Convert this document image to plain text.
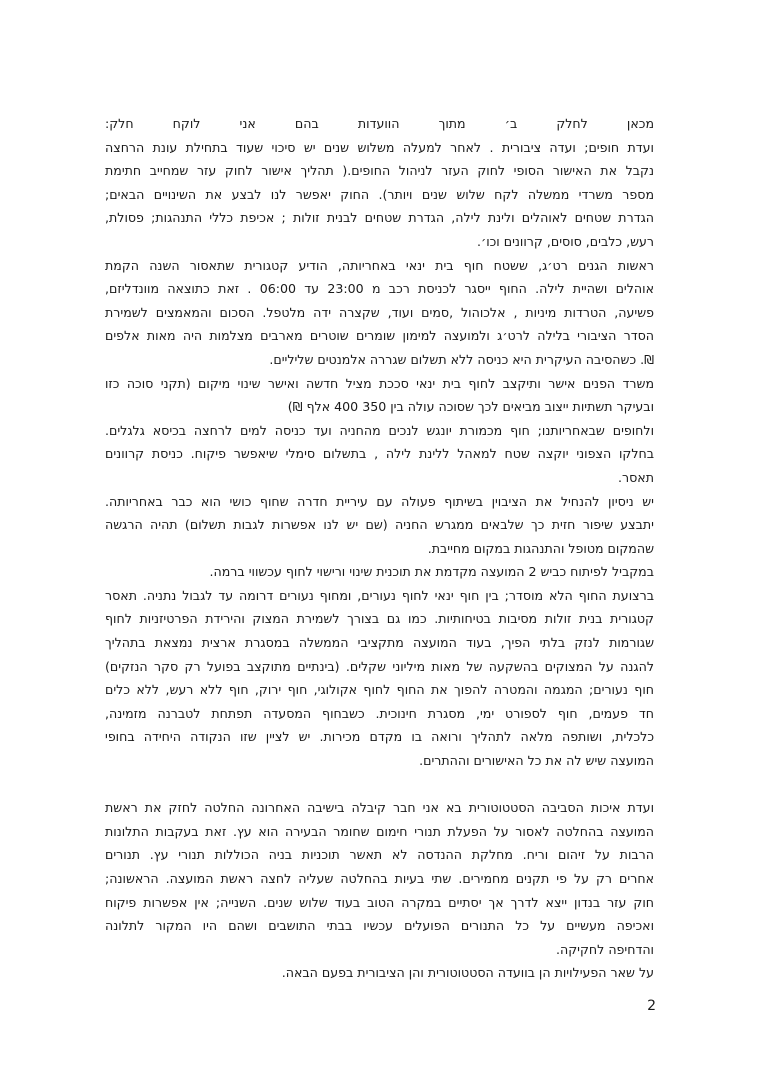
מכאן לחלק ב׳ מתוך הוועדות בהם אני לוקח חלק:
ועדת חופים; ועדה ציבורית . לאחר למעלה משלוש שנים יש סיכוי שעוד בתחילת עונת הרחצה
נקבל את האישור הסופי לחוק העזר לניהול החופים.( תהליך אישור לחוק עזר שמחייב חתימת
מספר משרדי ממשלה לקח שלוש שנים ויותר). החוק יאפשר לנו לבצע את השינויים הבאים;
הגדרת שטחים לאוהלים ולינת לילה, הגדרת שטחים לבנית זולות ; אכיפת כללי התנהגות; פסולת,
רעש, כלבים, סוסים, קרוונים וכו׳.
ראשות הגנים רט׳ג, ששטח חוף בית ינאי באחריותה, הודיע קטגורית שתאסור השנה הקמת
אוהלים ושהיית לילה. החוף ייסגר לכניסת רכב מ 23:00 עד 06:00 . זאת כתוצאה מוונדליזם,
פשיעה, הטרדות מיניות , אלכוהול ,סמים ועוד, שקצרה ידה מלטפל. הסכום והמאמצים לשמירת
הסדר הציבורי בלילה לרט׳ג ולמועצה למימון שומרים שוטרים מארבים מצלמות היה מאות אלפים
₪. כשהסיבה העיקרית היא כניסה ללא תשלום שגררה אלמנטים שליליים.
משרד הפנים אישר ותיקצב לחוף בית ינאי סככת מציל חדשה ואישר שינוי מיקום (תקני סוכה כזו
ובעיקר תשתיות ייצוב מביאים לכך שסוכה עולה בין 350 400 אלף ₪)
ולחופים שבאחריותנו; חוף מכמורת יונגש לנכים מהחניה ועד כניסה למים לרחצה בכיסא גלגלים.
בחלקו הצפוני יוקצה שטח למאהל ללינת לילה , בתשלום סימלי שיאפשר פיקוח. כניסת קרוונים
תאסר.
יש ניסיון להנחיל את הציבוין בשיתוף פעולה עם עיריית חדרה שחוף כושי הוא כבר באחריותה.
יתבצע שיפור חזית כך שלבאים ממגרש החניה (שם יש לנו אפשרות לגבות תשלום) תהיה הרגשה
שהמקום מטופל והתנהגות במקום מחייבת.
במקביל לפיתוח כביש 2 המועצה מקדמת את תוכנית שינוי ורישוי לחוף עכשווי ברמה.
ברצועת החוף הלא מוסדר; בין חוף ינאי לחוף נעורים, ומחוף נעורים דרומה עד לגבול נתניה. תאסר
קטגורית בנית זולות מסיבות בטיחותיות. כמו גם בצורך לשמירת המצוק והירידת הפרטיזניות לחוף
שגורמות לנזק בלתי הפיך, בעוד המועצה מתקציבי הממשלה במסגרת ארצית נמצאת בתהליך
להגנה על המצוקים בהשקעה של מאות מיליוני שקלים. (בינתיים מתוקצב בפועל רק סקר הנזקים)
חוף נעורים; המגמה והמטרה להפוך את החוף לחוף אקולוגי, חוף ירוק, חוף ללא רעש, ללא כלים
חד פעמים, חוף לספורט ימי, מסגרת חינוכית. כשבחוף המסעדה תפתחת לטברנה מזמינה,
כלכלית, ושותפה מלאה לתהליך ורואה בו מקדם מכירות. יש לציין שזו הנקודה היחידה בחופי
המועצה שיש לה את כל האישורים וההתרים.
ועדת איכות הסביבה הסטטוטורית בא אני חבר קיבלה בישיבה האחרונה החלטה לחזק את ראשת
המועצה בהחלטה לאסור על הפעלת תנורי חימום שחומר הבעירה הוא עץ. זאת בעקבות התלונות
הרבות על זיהום וריח. מחלקת ההנדסה לא תאשר תוכניות בניה הכוללות תנורי עץ. תנורים
אחרים רק על פי תקנים מחמירים. שתי בעיות בהחלטה שעליה לחצה ראשת המועצה. הראשונה;
חוק עזר בנדון ייצא לדרך אך יסתיים במקרה הטוב בעוד שלוש שנים. השנייה; אין אפשרות פיקוח
ואכיפה מעשיים על כל התנורים הפועלים עכשיו בבתי התושבים ושהם היו המקור לתלונה
והדחיפה לחקיקה.
על שאר הפעילויות הן בוועדה הסטטוטורית והן הציבורית בפעם הבאה.
2
